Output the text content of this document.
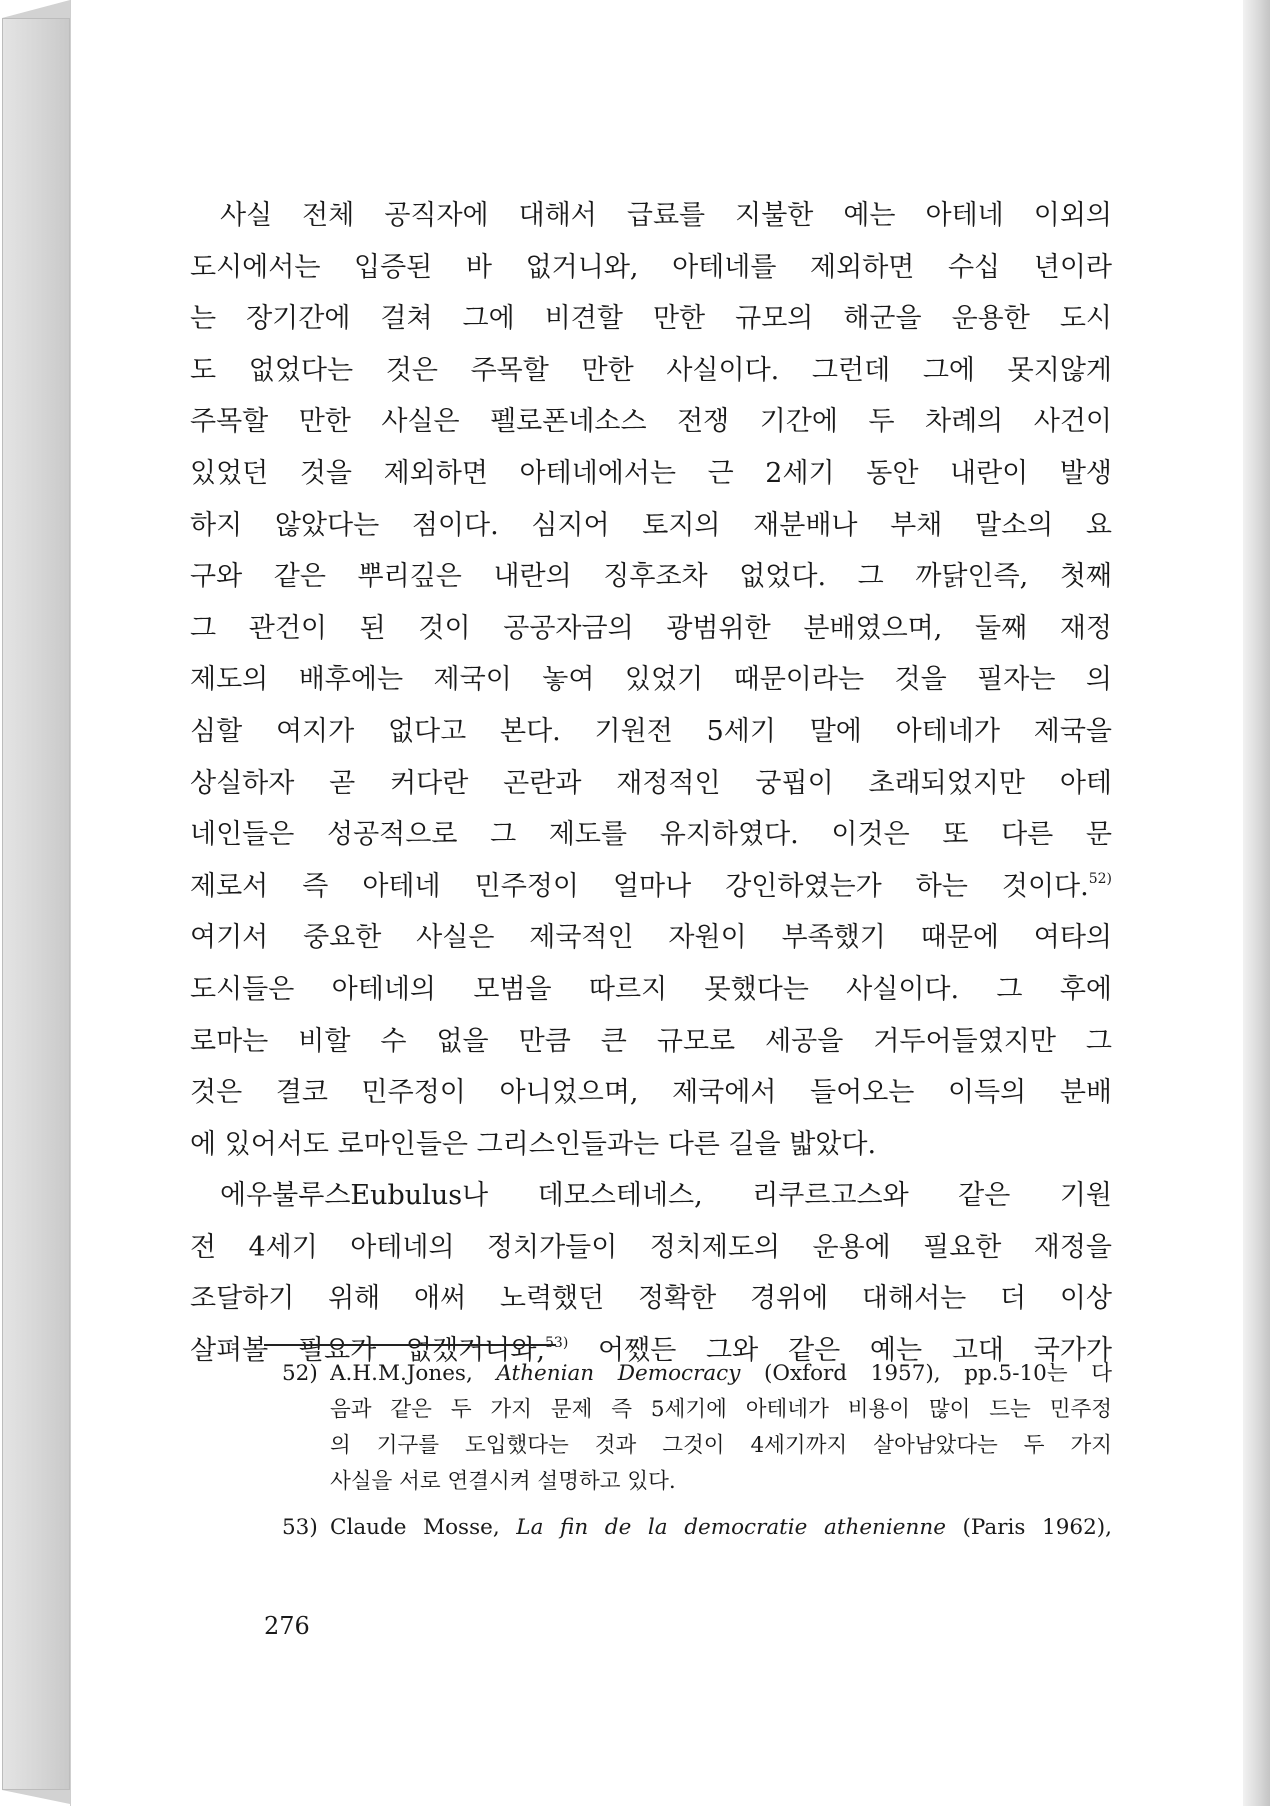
사실 전체 공직자에 대해서 급료를 지불한 예는 아테네 이외의
도시에서는 입증된 바 없거니와, 아테네를 제외하면 수십 년이라
는 장기간에 걸쳐 그에 비견할 만한 규모의 해군을 운용한 도시
도 없었다는 것은 주목할 만한 사실이다. 그런데 그에 못지않게
주목할 만한 사실은 펠로폰네소스 전쟁 기간에 두 차례의 사건이
있었던 것을 제외하면 아테네에서는 근 2세기 동안 내란이 발생
하지 않았다는 점이다. 심지어 토지의 재분배나 부채 말소의 요
구와 같은 뿌리깊은 내란의 징후조차 없었다. 그 까닭인즉, 첫째
그 관건이 된 것이 공공자금의 광범위한 분배였으며, 둘째 재정
제도의 배후에는 제국이 놓여 있었기 때문이라는 것을 필자는 의
심할 여지가 없다고 본다. 기원전 5세기 말에 아테네가 제국을
상실하자 곧 커다란 곤란과 재정적인 궁핍이 초래되었지만 아테
네인들은 성공적으로 그 제도를 유지하였다. 이것은 또 다른 문
제로서 즉 아테네 민주정이 얼마나 강인하였는가 하는 것이다.$^{52)}$
여기서 중요한 사실은 제국적인 자원이 부족했기 때문에 여타의
도시들은 아테네의 모범을 따르지 못했다는 사실이다. 그 후에
로마는 비할 수 없을 만큼 큰 규모로 세공을 거두어들였지만 그
것은 결코 민주정이 아니었으며, 제국에서 들어오는 이득의 분배
에 있어서도 로마인들은 그리스인들과는 다른 길을 밟았다.
에우불루스Eubulus나 데모스테네스, 리쿠르고스와 같은 기원
전 4세기 아테네의 정치가들이 정치제도의 운용에 필요한 재정을
조달하기 위해 애써 노력했던 정확한 경위에 대해서는 더 이상
살펴볼 필요가 없겠거니와,$^{53)}$ 어쨌든 그와 같은 예는 고대 국가가
52) A.H.M.Jones, Athenian Democracy (Oxford 1957), pp.5-10는 다
음과 같은 두 가지 문제 즉 5세기에 아테네가 비용이 많이 드는 민주정
의 기구를 도입했다는 것과 그것이 4세기까지 살아남았다는 두 가지
사실을 서로 연결시켜 설명하고 있다.
53) Claude Mosse, La fin de la democratie athenienne (Paris 1962),
276
